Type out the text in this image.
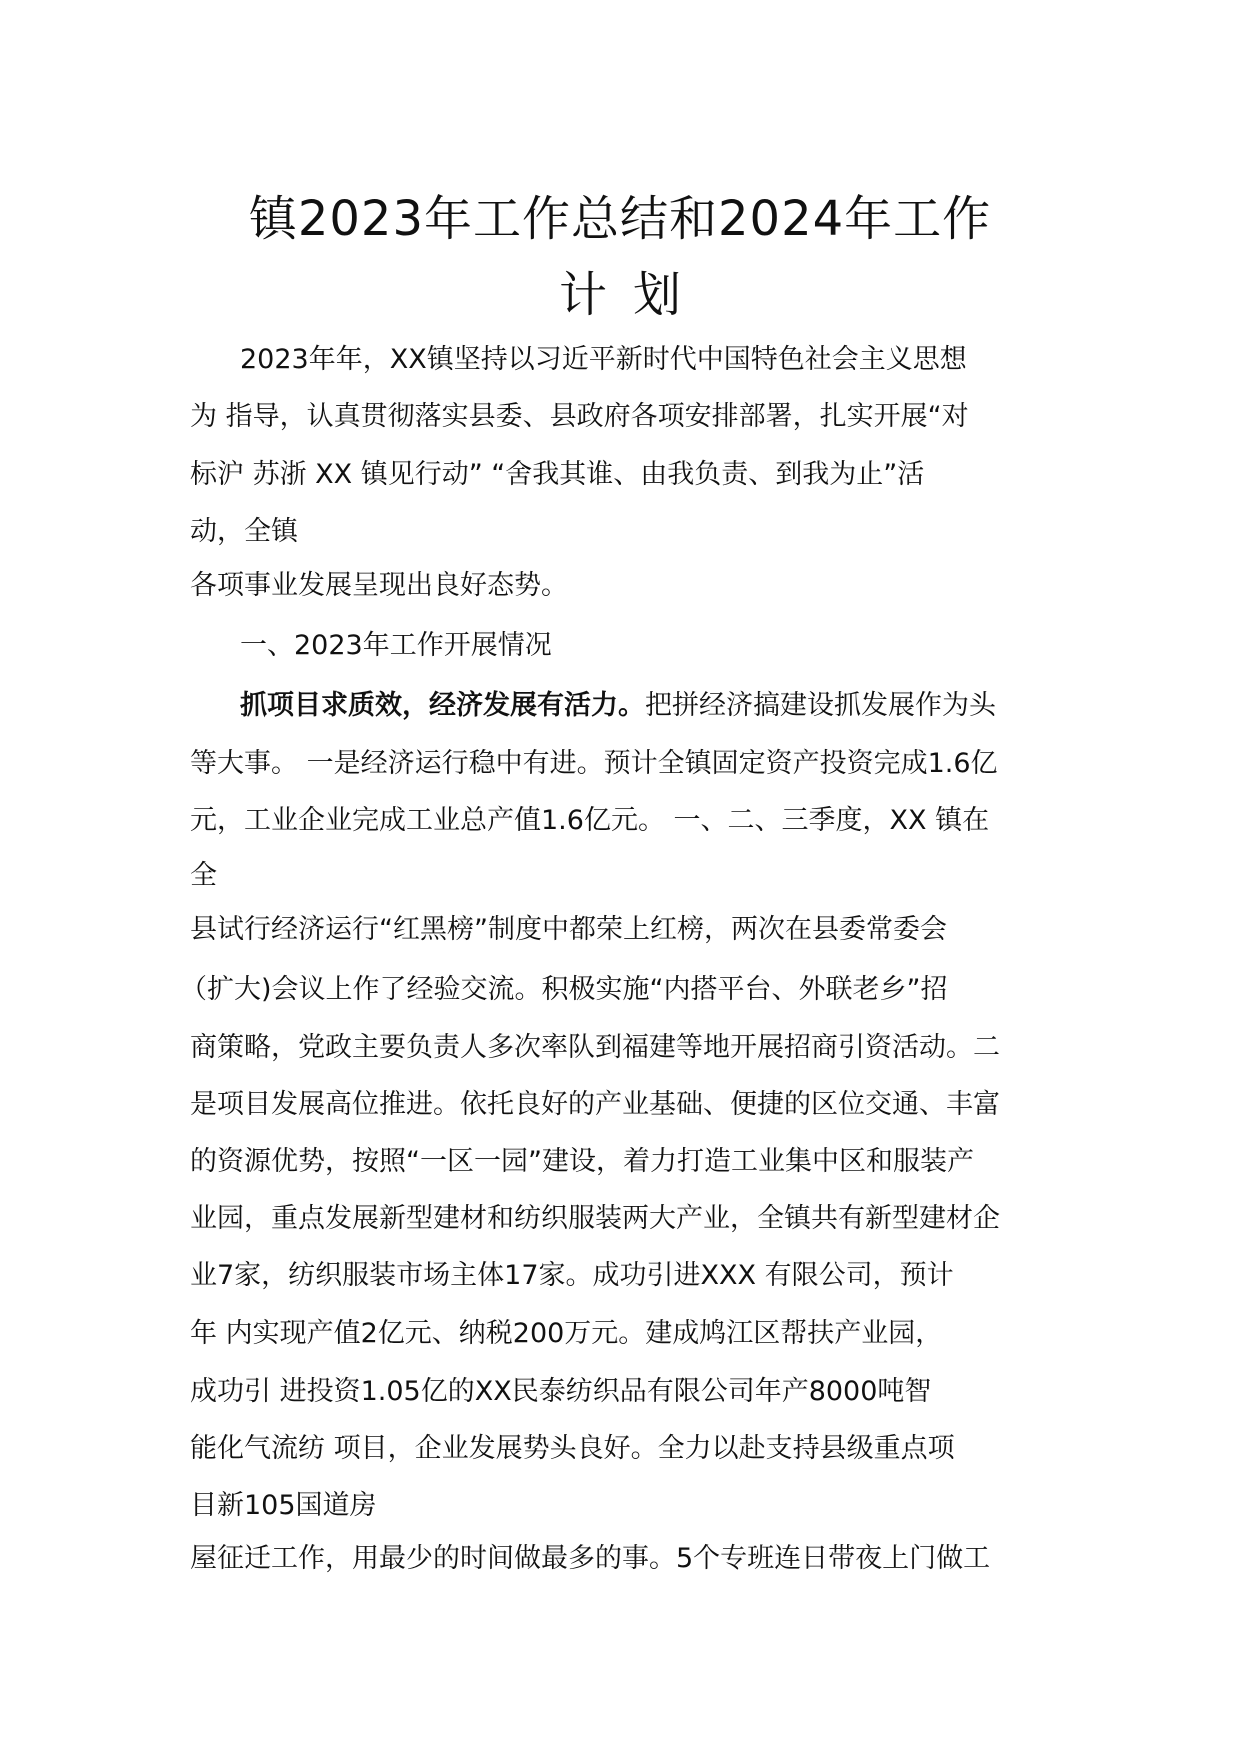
镇2023年工作总结和2024年工作
计划
2023年年，XX镇坚持以习近平新时代中国特色社会主义思想
为 指导，认真贯彻落实县委、县政府各项安排部署，扎实开展“对
标沪 苏浙 XX 镇见行动” “舍我其谁、由我负责、到我为止”活
动，全镇
各项事业发展呈现出良好态势。
一、2023年工作开展情况
抓项目求质效，经济发展有活力。把拼经济搞建设抓发展作为头
等大事。 一是经济运行稳中有进。预计全镇固定资产投资完成1.6亿
元，工业企业完成工业总产值1.6亿元。 一、二、三季度，XX 镇在
全
县试行经济运行“红黑榜”制度中都荣上红榜，两次在县委常委会
（扩大)会议上作了经验交流。积极实施“内搭平台、外联老乡”招
商策略，党政主要负责人多次率队到福建等地开展招商引资活动。二
是项目发展高位推进。依托良好的产业基础、便捷的区位交通、丰富
的资源优势，按照“一区一园”建设，着力打造工业集中区和服装产
业园，重点发展新型建材和纺织服装两大产业，全镇共有新型建材企
业7家，纺织服装市场主体17家。成功引进XXX 有限公司，预计
年 内实现产值2亿元、纳税200万元。建成鸠江区帮扶产业园，
成功引 进投资1.05亿的XX民泰纺织品有限公司年产8000吨智
能化气流纺 项目，企业发展势头良好。全力以赴支持县级重点项
目新105国道房
屋征迁工作，用最少的时间做最多的事。5个专班连日带夜上门做工
